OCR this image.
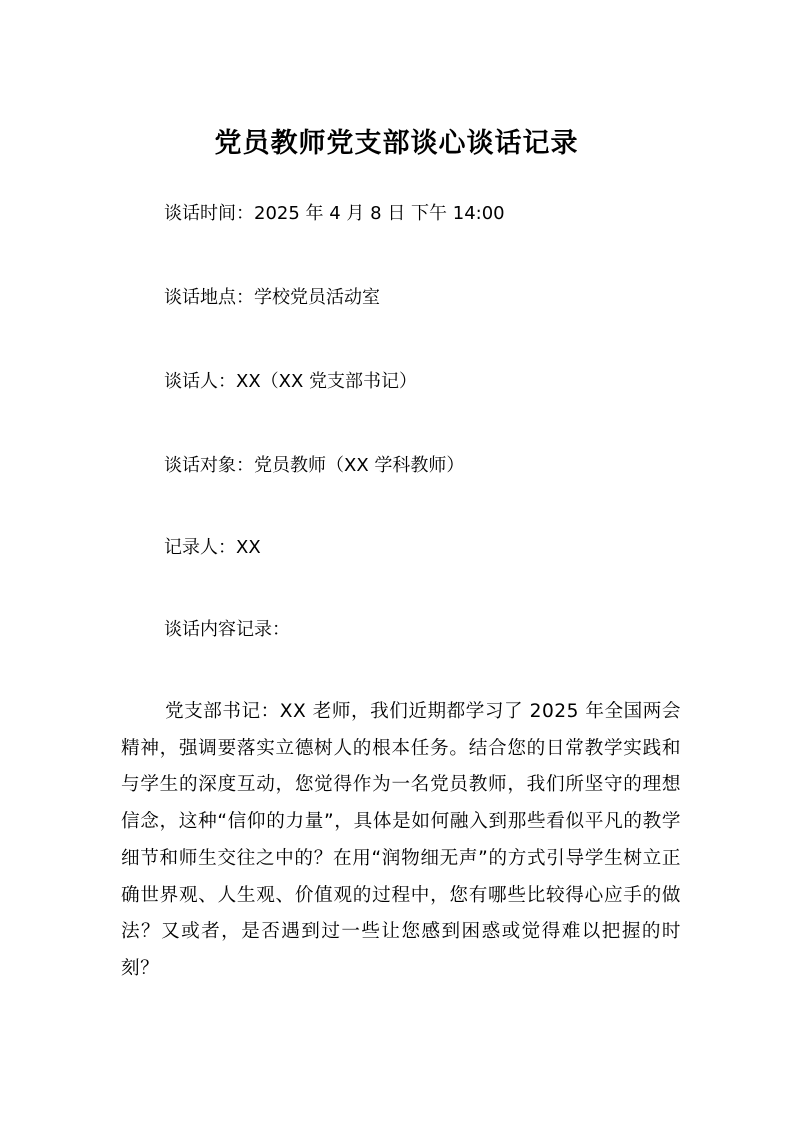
党员教师党支部谈心谈话记录

谈话时间：2025 年 4 月 8 日 下午 14:00

谈话地点：学校党员活动室

谈话人：XX（XX 党支部书记）

谈话对象：党员教师（XX 学科教师）

记录人：XX

谈话内容记录：

党支部书记：XX 老师，我们近期都学习了 2025 年全国两会精神，强调要落实立德树人的根本任务。结合您的日常教学实践和与学生的深度互动，您觉得作为一名党员教师，我们所坚守的理想信念，这种“信仰的力量”，具体是如何融入到那些看似平凡的教学细节和师生交往之中的？在用“润物细无声”的方式引导学生树立正确世界观、人生观、价值观的过程中，您有哪些比较得心应手的做法？又或者，是否遇到过一些让您感到困惑或觉得难以把握的时刻？
